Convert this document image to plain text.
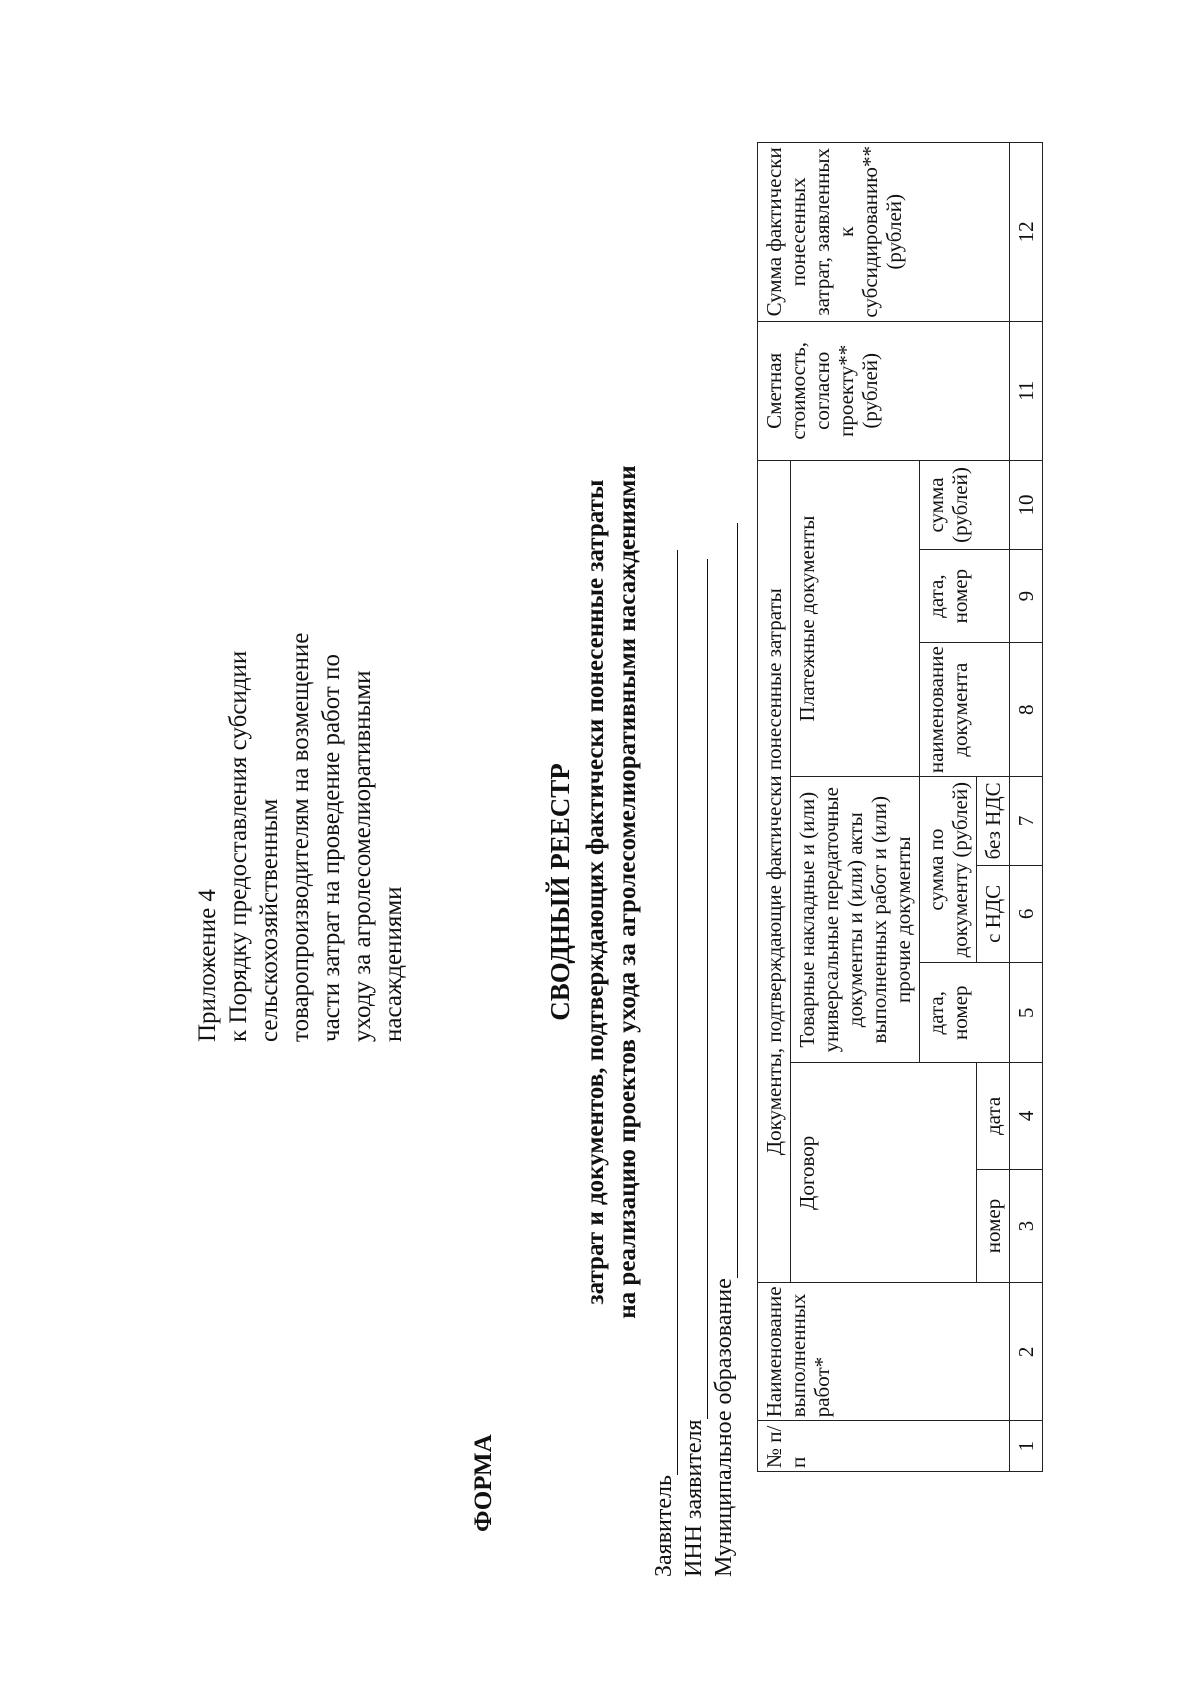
Приложение 4 к Порядку предоставления субсидии сельскохозяйственным товаропроизводителям на возмещение части затрат на проведение работ по уходу за агролесомелиоративными насаждениями
ФОРМА
СВОДНЫЙ РЕЕСТР затрат и документов, подтверждающих фактически понесенные затраты на реализацию проектов ухода за агролесомелиоративными насаждениями
Заявитель ИНН заявителя Муниципальное образование № п/п	Наименование выполненных работ*	Документы, подтверждающие фактически понесенные затраты								Сметная стоимость, согласно проекту** (рублей)	Сумма фактически понесенных затрат, заявленных к субсидированию** (рублей)
		Договор		Товарные накладные и (или) универсальные передаточные документы и (или) акты выполненных работ и (или) прочие документы			Платежные документы				
				дата, номер	сумма по документу (рублей)		наименование документа	дата, номер	сумма (рублей)		
		номер	дата		с НДС	без НДС					
1	2	3	4	5	6	7	8	9	10	11	12
